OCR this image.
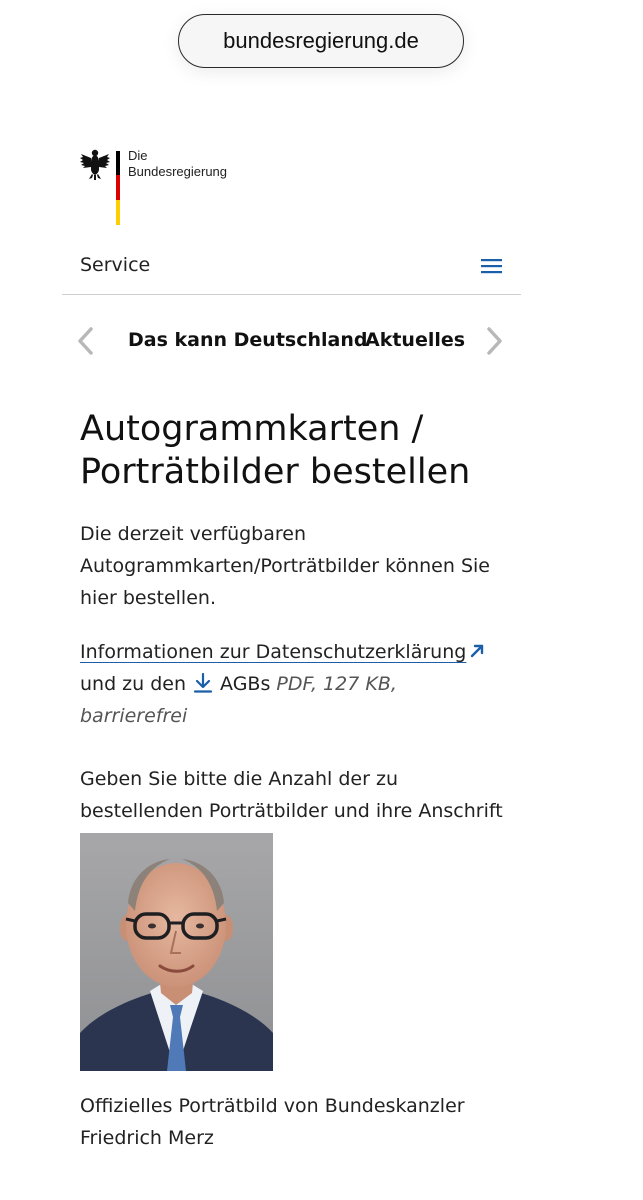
bundesregierung.de
Die
Bundesregierung
Service
Das kann Deutschland
Aktuelles
Autogrammkarten /
Porträtbilder bestellen

Die derzeit verfügbaren Autogrammkarten/Porträtbilder können Sie hier bestellen.

Informationen zur Datenschutzerklärung
und zu den AGBs PDF, 127 KB, barrierefrei

Geben Sie bitte die Anzahl der zu bestellenden Porträtbilder und ihre Anschrift

Offizielles Porträtbild von Bundeskanzler
Friedrich Merz
